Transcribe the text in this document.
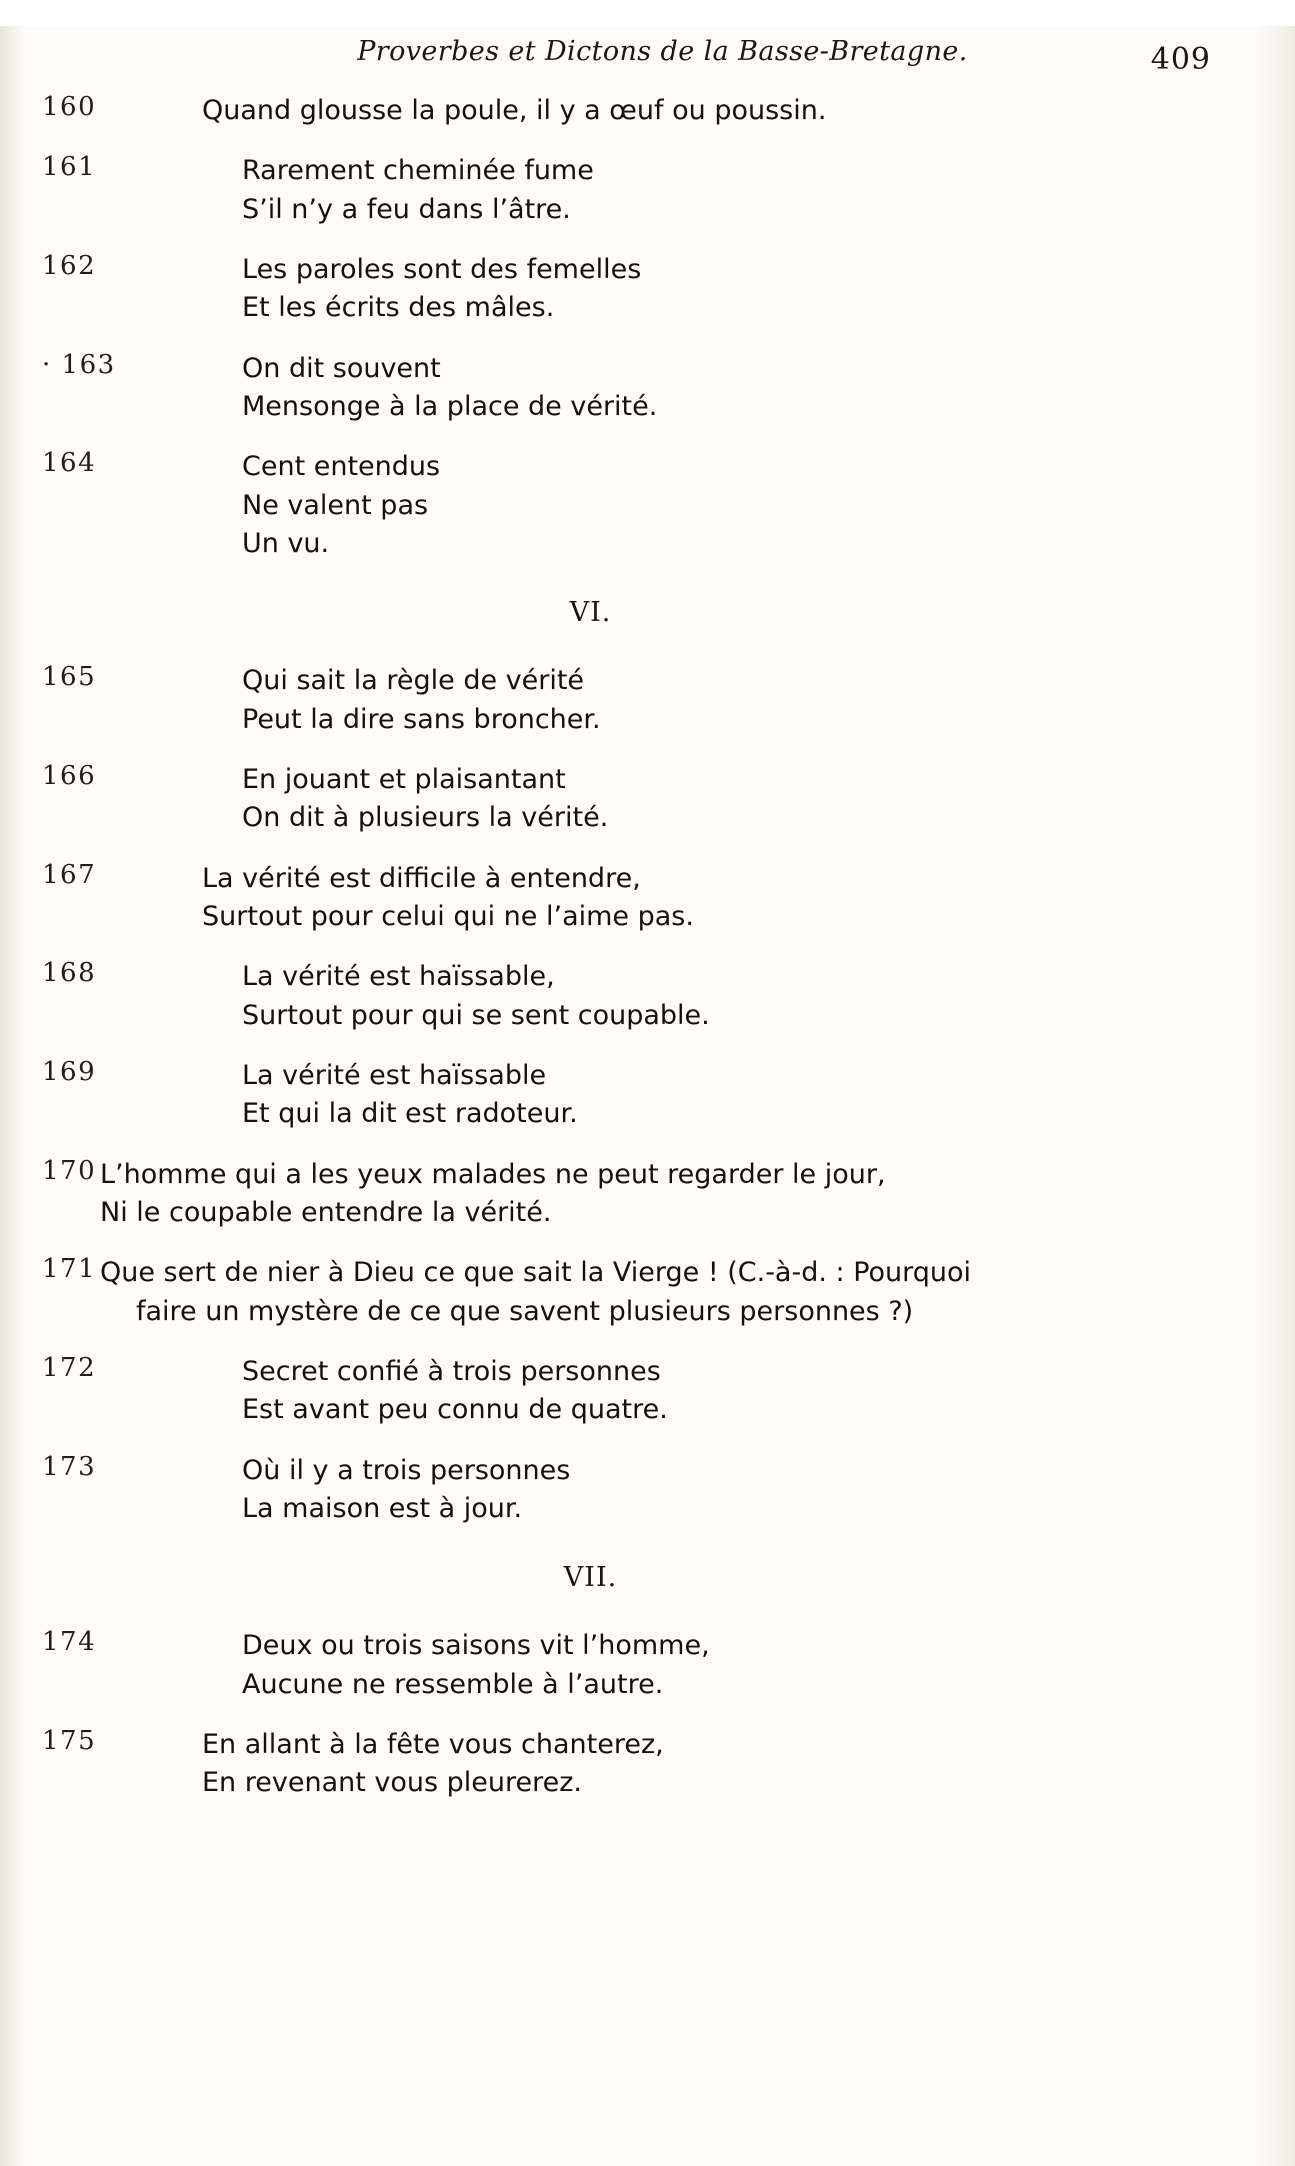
Proverbes et Dictons de la Basse-Bretagne.	409
160	Quand glousse la poule, il y a œuf ou poussin.
161	Rarement cheminée fume
S’il n’y a feu dans l’âtre.
162	Les paroles sont des femelles
Et les écrits des mâles.
· 163	On dit souvent
Mensonge à la place de vérité.
164	Cent entendus
Ne valent pas
Un vu.
VI.
165	Qui sait la règle de vérité
Peut la dire sans broncher.
166	En jouant et plaisantant
On dit à plusieurs la vérité.
167	La vérité est difficile à entendre,
Surtout pour celui qui ne l’aime pas.
168	La vérité est haïssable,
Surtout pour qui se sent coupable.
169	La vérité est haïssable
Et qui la dit est radoteur.
170 L’homme qui a les yeux malades ne peut regarder le jour,
Ni le coupable entendre la vérité.
171 Que sert de nier à Dieu ce que sait la Vierge ! (C.-à-d. : Pourquoi
faire un mystère de ce que savent plusieurs personnes ?)
172	Secret confié à trois personnes
Est avant peu connu de quatre.
173	Où il y a trois personnes
La maison est à jour.
VII.
174	Deux ou trois saisons vit l’homme,
Aucune ne ressemble à l’autre.
175	En allant à la fête vous chanterez,
En revenant vous pleurerez.
